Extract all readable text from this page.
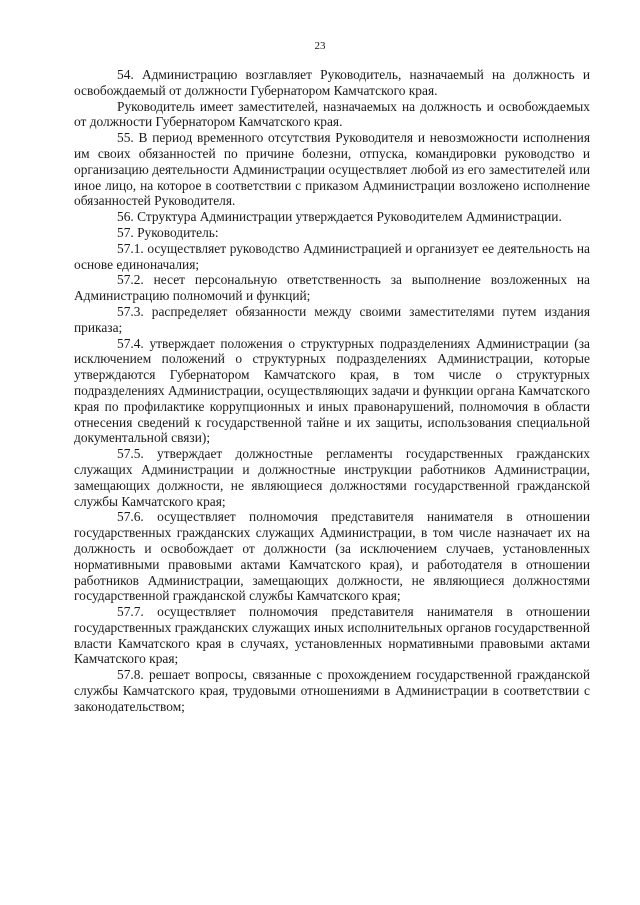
23

54. Администрацию возглавляет Руководитель, назначаемый на должность и освобождаемый от должности Губернатором Камчатского края.

Руководитель имеет заместителей, назначаемых на должность и освобождаемых от должности Губернатором Камчатского края.

55. В период временного отсутствия Руководителя и невозможности исполнения им своих обязанностей по причине болезни, отпуска, командировки руководство и организацию деятельности Администрации осуществляет любой из его заместителей или иное лицо, на которое в соответствии с приказом Администрации возложено исполнение обязанностей Руководителя.

56. Структура Администрации утверждается Руководителем Администрации.

57. Руководитель:

57.1. осуществляет руководство Администрацией и организует ее деятельность на основе единоначалия;

57.2. несет персональную ответственность за выполнение возложенных на Администрацию полномочий и функций;

57.3. распределяет обязанности между своими заместителями путем издания приказа;

57.4. утверждает положения о структурных подразделениях Администрации (за исключением положений о структурных подразделениях Администрации, которые утверждаются Губернатором Камчатского края, в том числе о структурных подразделениях Администрации, осуществляющих задачи и функции органа Камчатского края по профилактике коррупционных и иных правонарушений, полномочия в области отнесения сведений к государственной тайне и их защиты, использования специальной документальной связи);

57.5. утверждает должностные регламенты государственных гражданских служащих Администрации и должностные инструкции работников Администрации, замещающих должности, не являющиеся должностями государственной гражданской службы Камчатского края;

57.6. осуществляет полномочия представителя нанимателя в отношении государственных гражданских служащих Администрации, в том числе назначает их на должность и освобождает от должности (за исключением случаев, установленных нормативными правовыми актами Камчатского края), и работодателя в отношении работников Администрации, замещающих должности, не являющиеся должностями государственной гражданской службы Камчатского края;

57.7. осуществляет полномочия представителя нанимателя в отношении государственных гражданских служащих иных исполнительных органов государственной власти Камчатского края в случаях, установленных нормативными правовыми актами Камчатского края;

57.8. решает вопросы, связанные с прохождением государственной гражданской службы Камчатского края, трудовыми отношениями в Администрации в соответствии с законодательством;
